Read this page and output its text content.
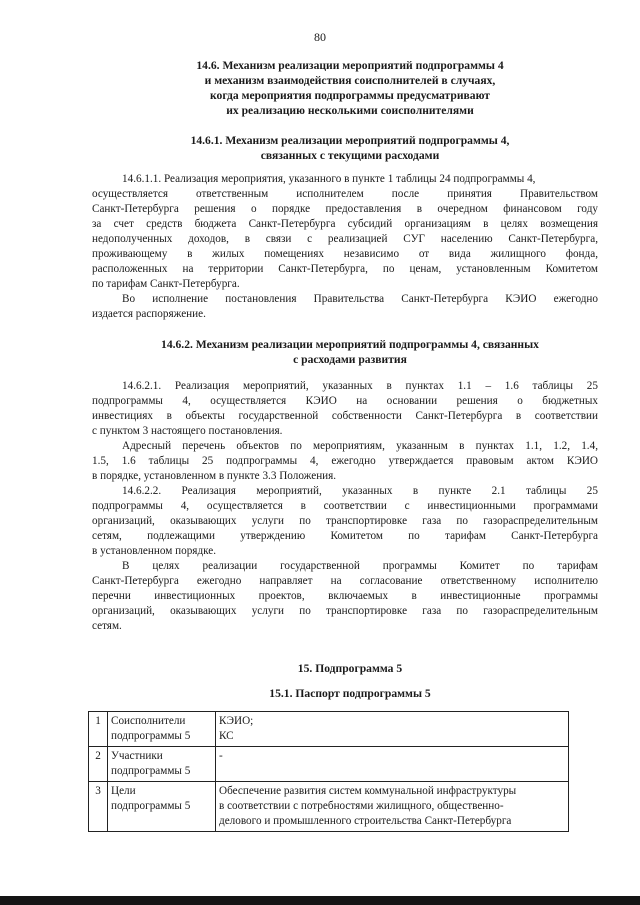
80
14.6. Механизм реализации мероприятий подпрограммы 4
и механизм взаимодействия соисполнителей в случаях,
когда мероприятия подпрограммы предусматривают
их реализацию несколькими соисполнителями
14.6.1. Механизм реализации мероприятий подпрограммы 4,
связанных с текущими расходами
14.6.1.1. Реализация мероприятия, указанного в пункте 1 таблицы 24 подпрограммы 4,
осуществляется ответственным исполнителем после принятия Правительством
Санкт-Петербурга решения о порядке предоставления в очередном финансовом году
за счет средств бюджета Санкт-Петербурга субсидий организациям в целях возмещения
недополученных доходов, в связи с реализацией СУГ населению Санкт-Петербурга,
проживающему в жилых помещениях независимо от вида жилищного фонда,
расположенных на территории Санкт-Петербурга, по ценам, установленным Комитетом
по тарифам Санкт-Петербурга.
Во исполнение постановления Правительства Санкт-Петербурга КЭИО ежегодно
издается распоряжение.
14.6.2. Механизм реализации мероприятий подпрограммы 4, связанных
с расходами развития
14.6.2.1. Реализация мероприятий, указанных в пунктах 1.1 – 1.6 таблицы 25
подпрограммы 4, осуществляется КЭИО на основании решения о бюджетных
инвестициях в объекты государственной собственности Санкт-Петербурга в соответствии
с пунктом 3 настоящего постановления.
Адресный перечень объектов по мероприятиям, указанным в пунктах 1.1, 1.2, 1.4,
1.5, 1.6 таблицы 25 подпрограммы 4, ежегодно утверждается правовым актом КЭИО
в порядке, установленном в пункте 3.3 Положения.
14.6.2.2. Реализация мероприятий, указанных в пункте 2.1 таблицы 25
подпрограммы 4, осуществляется в соответствии с инвестиционными программами
организаций, оказывающих услуги по транспортировке газа по газораспределительным
сетям, подлежащими утверждению Комитетом по тарифам Санкт-Петербурга
в установленном порядке.
В целях реализации государственной программы Комитет по тарифам
Санкт-Петербурга ежегодно направляет на согласование ответственному исполнителю
перечни инвестиционных проектов, включаемых в инвестиционные программы
организаций, оказывающих услуги по транспортировке газа по газораспределительным
сетям.
15. Подпрограмма 5
15.1. Паспорт подпрограммы 5
1	Соисполнители
подпрограммы 5	КЭИО;
КС

2	Участники
подпрограммы 5	-

3	Цели
подпрограммы 5	Обеспечение развития систем коммунальной инфраструктуры
в соответствии с потребностями жилищного, общественно-
делового и промышленного строительства Санкт-Петербурга
